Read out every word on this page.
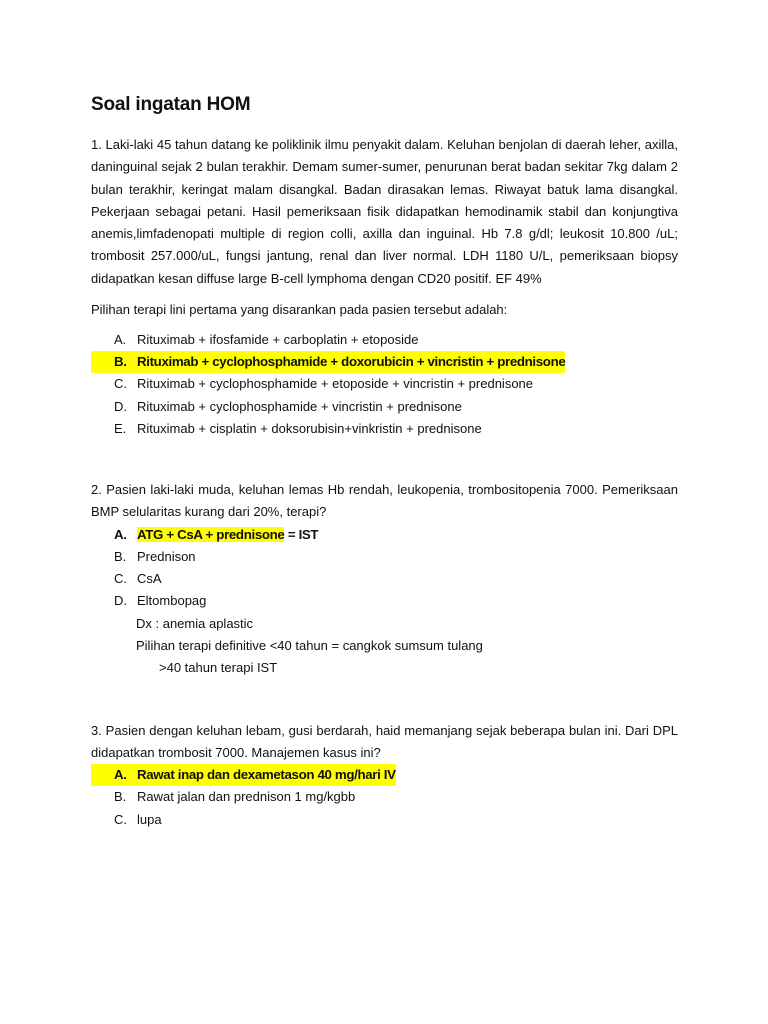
Soal ingatan HOM

1. Laki-laki 45 tahun datang ke poliklinik ilmu penyakit dalam. Keluhan benjolan di daerah leher, axilla, daninguinal sejak 2 bulan terakhir. Demam sumer-sumer, penurunan berat badan sekitar 7kg dalam 2 bulan terakhir, keringat malam disangkal. Badan dirasakan lemas. Riwayat batuk lama disangkal. Pekerjaan sebagai petani. Hasil pemeriksaan fisik didapatkan hemodinamik stabil dan konjungtiva anemis,limfadenopati multiple di region colli, axilla dan inguinal. Hb 7.8 g/dl; leukosit 10.800 /uL; trombosit 257.000/uL, fungsi jantung, renal dan liver normal. LDH 1180 U/L, pemeriksaan biopsy didapatkan kesan diffuse large B-cell lymphoma dengan CD20 positif. EF 49%

Pilihan terapi lini pertama yang disarankan pada pasien tersebut adalah:

A. Rituximab + ifosfamide + carboplatin + etoposide
B. Rituximab + cyclophosphamide + doxorubicin + vincristin + prednisone
C. Rituximab + cyclophosphamide + etoposide + vincristin + prednisone
D. Rituximab + cyclophosphamide + vincristin + prednisone
E. Rituximab + cisplatin + doksorubisin+vinkristin + prednisone

2. Pasien laki-laki muda, keluhan lemas Hb rendah, leukopenia, trombositopenia 7000. Pemeriksaan BMP selularitas kurang dari 20%, terapi?

A. ATG + CsA + prednisone = IST
B. Prednison
C. CsA
D. Eltombopag
Dx : anemia aplastic
Pilihan terapi definitive <40 tahun = cangkok sumsum tulang
>40 tahun terapi IST

3. Pasien dengan keluhan lebam, gusi berdarah, haid memanjang sejak beberapa bulan ini. Dari DPL didapatkan trombosit 7000. Manajemen kasus ini?

A. Rawat inap dan dexametason 40 mg/hari IV
B. Rawat jalan dan prednison 1 mg/kgbb
C. lupa
